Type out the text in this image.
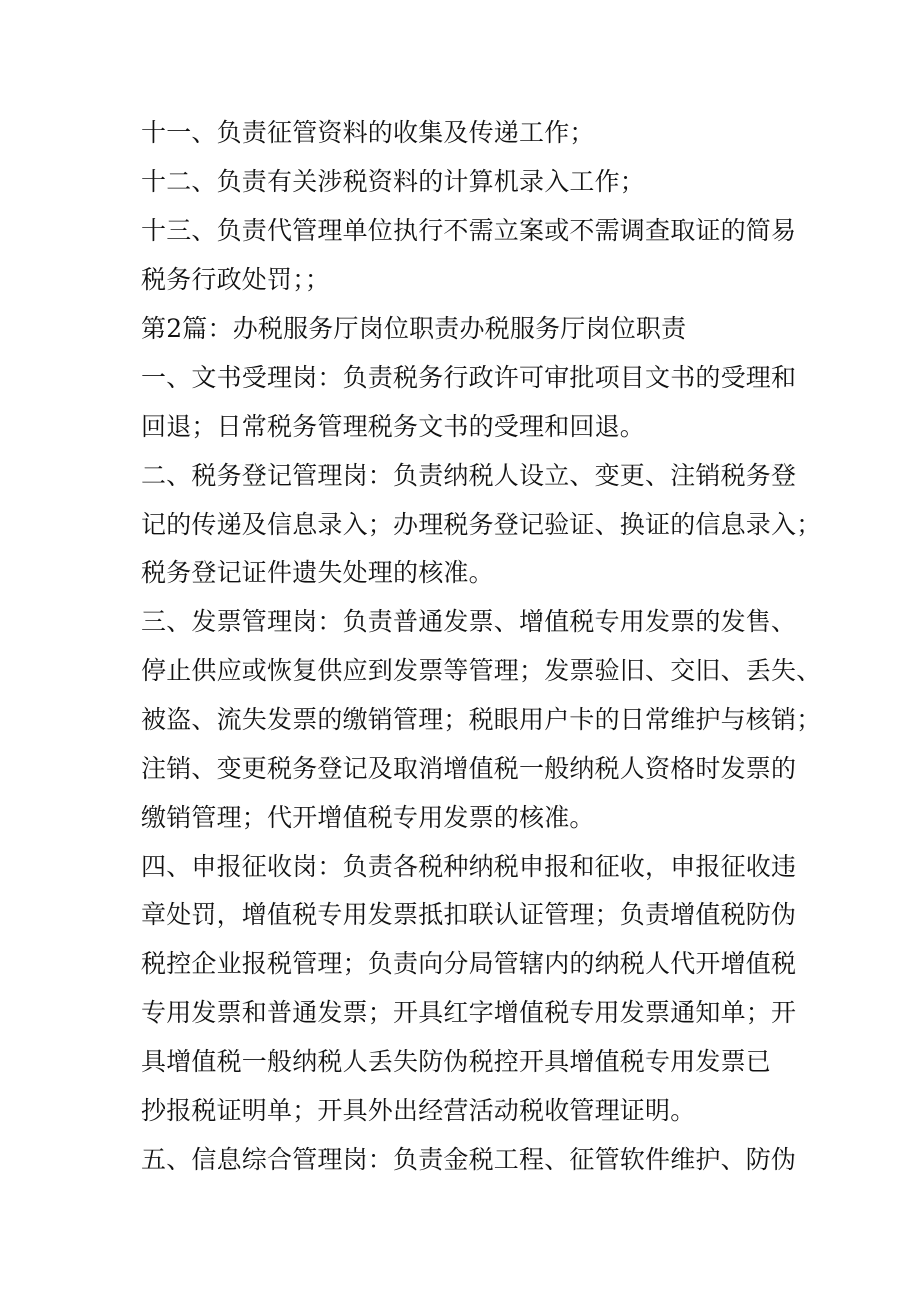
十一、负责征管资料的收集及传递工作；

十二、负责有关涉税资料的计算机录入工作；

十三、负责代管理单位执行不需立案或不需调查取证的简易

税务行政处罚；；

第2篇：办税服务厅岗位职责办税服务厅岗位职责

一、文书受理岗：负责税务行政许可审批项目文书的受理和

回退；日常税务管理税务文书的受理和回退。

二、税务登记管理岗：负责纳税人设立、变更、注销税务登

记的传递及信息录入；办理税务登记验证、换证的信息录入；

税务登记证件遗失处理的核准。

三、发票管理岗：负责普通发票、增值税专用发票的发售、

停止供应或恢复供应到发票等管理；发票验旧、交旧、丢失、

被盗、流失发票的缴销管理；税眼用户卡的日常维护与核销；

注销、变更税务登记及取消增值税一般纳税人资格时发票的

缴销管理；代开增值税专用发票的核准。

四、申报征收岗：负责各税种纳税申报和征收，申报征收违

章处罚，增值税专用发票抵扣联认证管理；负责增值税防伪

税控企业报税管理；负责向分局管辖内的纳税人代开增值税

专用发票和普通发票；开具红字增值税专用发票通知单；开

具增值税一般纳税人丢失防伪税控开具增值税专用发票已

抄报税证明单；开具外出经营活动税收管理证明。

五、信息综合管理岗：负责金税工程、征管软件维护、防伪
